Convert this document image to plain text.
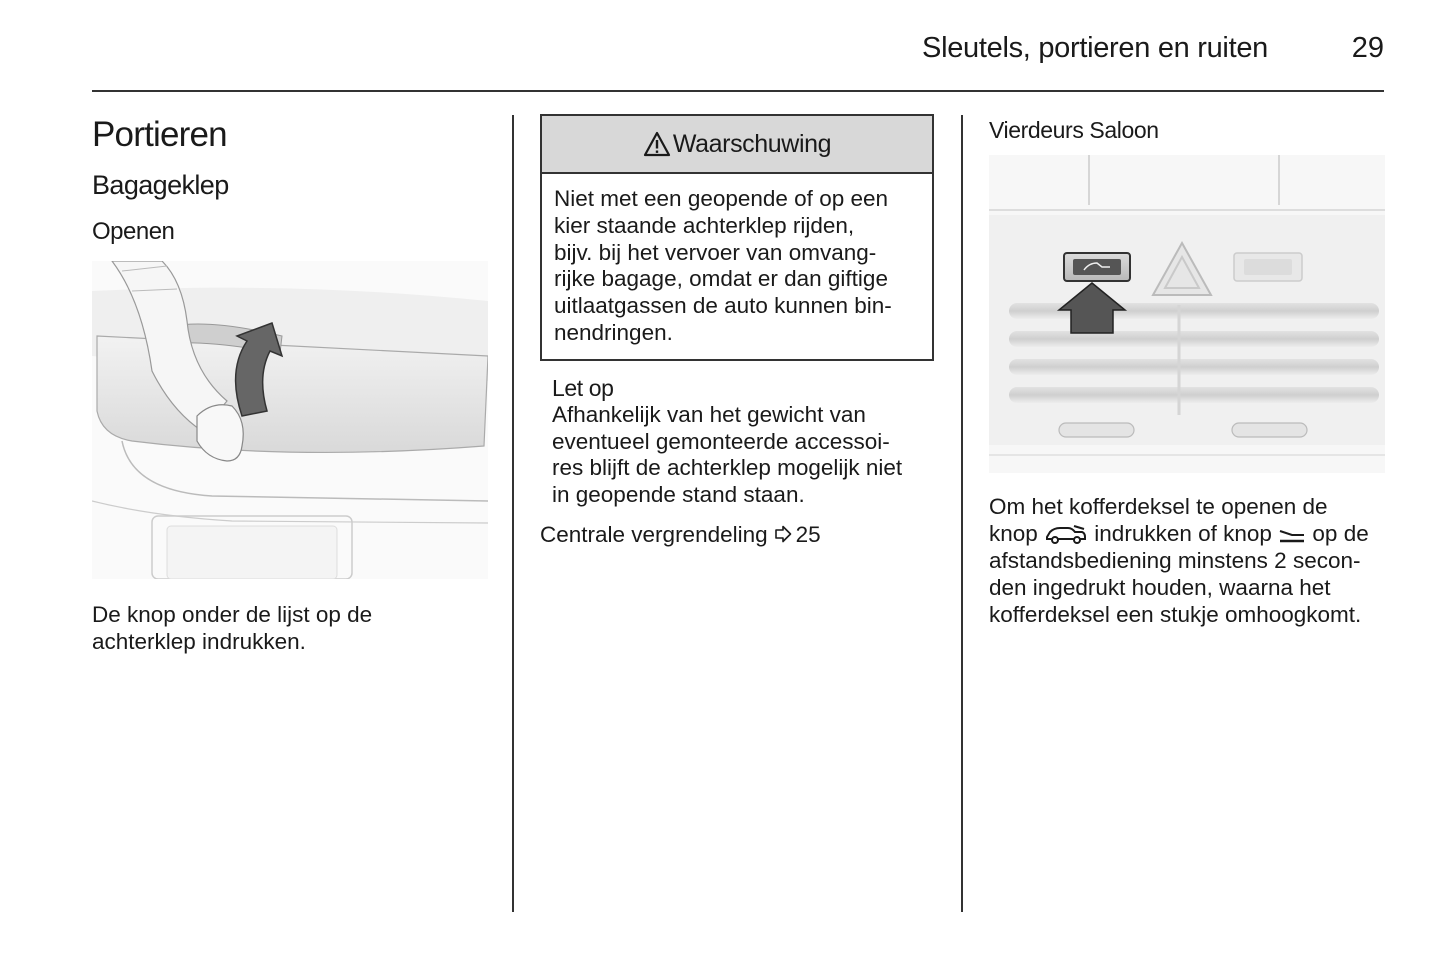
Sleutels, portieren en ruiten	29
Portieren
Bagageklep
Openen
De knop onder de lijst op de achterklep indrukken.
Waarschuwing
Niet met een geopende of op een
kier staande achterklep rijden,
bijv. bij het vervoer van omvang-
rijke bagage, omdat er dan giftige
uitlaatgassen de auto kunnen bin-
nendringen.
Let op
Afhankelijk van het gewicht van
eventueel gemonteerde accessoi-
res blijft de achterklep mogelijk niet
in geopende stand staan.
Centrale vergrendeling 25
Vierdeurs Saloon
Om het kofferdeksel te openen de
knop  indrukken of knop  op de
afstandsbediening minstens 2 secon-
den ingedrukt houden, waarna het
kofferdeksel een stukje omhoogkomt.
